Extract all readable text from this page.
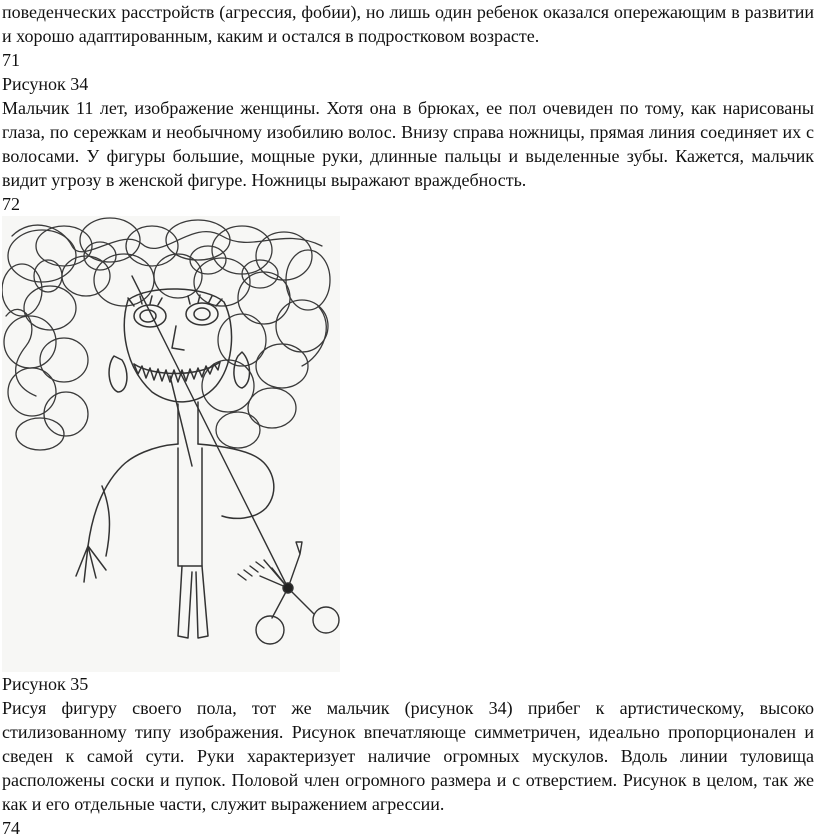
поведенческих расстройств (агрессия, фобии), но лишь один ребенок оказался опережающим в развитии и хорошо адаптированным, каким и остался в подростковом возрасте.

71

Рисунок 34

Мальчик 11 лет, изображение женщины. Хотя она в брюках, ее пол очевиден по тому, как нарисованы глаза, по сережкам и необычному изобилию волос. Внизу справа ножницы, прямая линия соединяет их с волосами. У фигуры большие, мощные руки, длинные пальцы и выделенные зубы. Кажется, мальчик видит угрозу в женской фигуре. Ножницы выражают враждебность.

72

Рисунок 35

Рисуя фигуру своего пола, тот же мальчик (рисунок 34) прибег к артистическому, высоко стилизованному типу изображения. Рисунок впечатляюще симметричен, идеально пропорционален и сведен к самой сути. Руки характеризует наличие огромных мускулов. Вдоль линии туловища расположены соски и пупок. Половой член огромного размера и с отверстием. Рисунок в целом, так же как и его отдельные части, служит выражением агрессии.

74
